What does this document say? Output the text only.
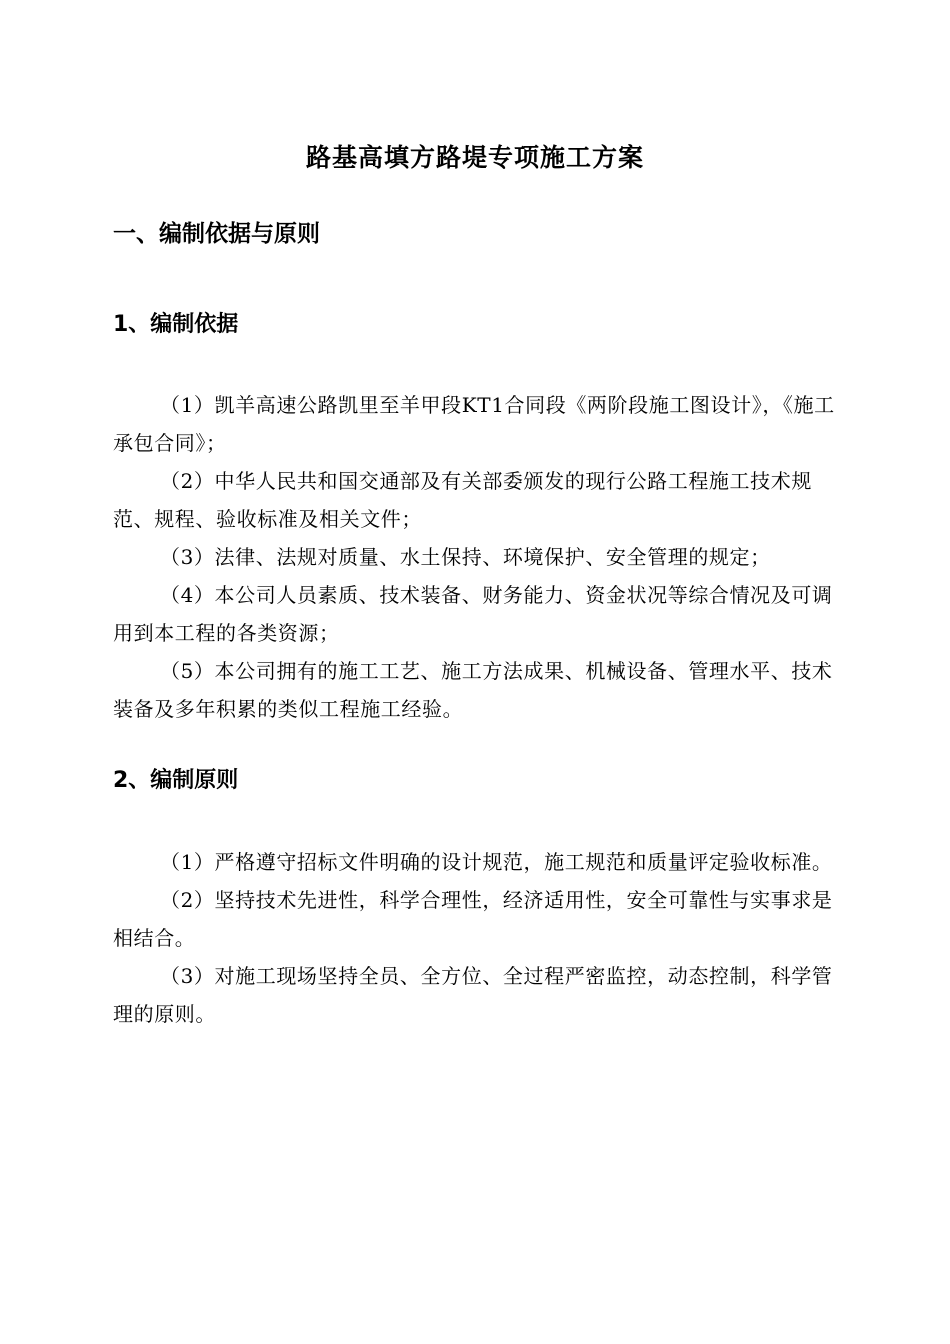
路基高填方路堤专项施工方案
一、编制依据与原则
1、编制依据

（1）凯羊高速公路凯里至羊甲段KT1合同段《两阶段施工图设计》，《施工承包合同》；

（2）中华人民共和国交通部及有关部委颁发的现行公路工程施工技术规范、规程、验收标准及相关文件；

（3）法律、法规对质量、水土保持、环境保护、安全管理的规定；

（4）本公司人员素质、技术装备、财务能力、资金状况等综合情况及可调用到本工程的各类资源；

（5）本公司拥有的施工工艺、施工方法成果、机械设备、管理水平、技术装备及多年积累的类似工程施工经验。

2、编制原则

（1）严格遵守招标文件明确的设计规范，施工规范和质量评定验收标准。

（2）坚持技术先进性，科学合理性，经济适用性，安全可靠性与实事求是相结合。

（3）对施工现场坚持全员、全方位、全过程严密监控，动态控制，科学管理的原则。
